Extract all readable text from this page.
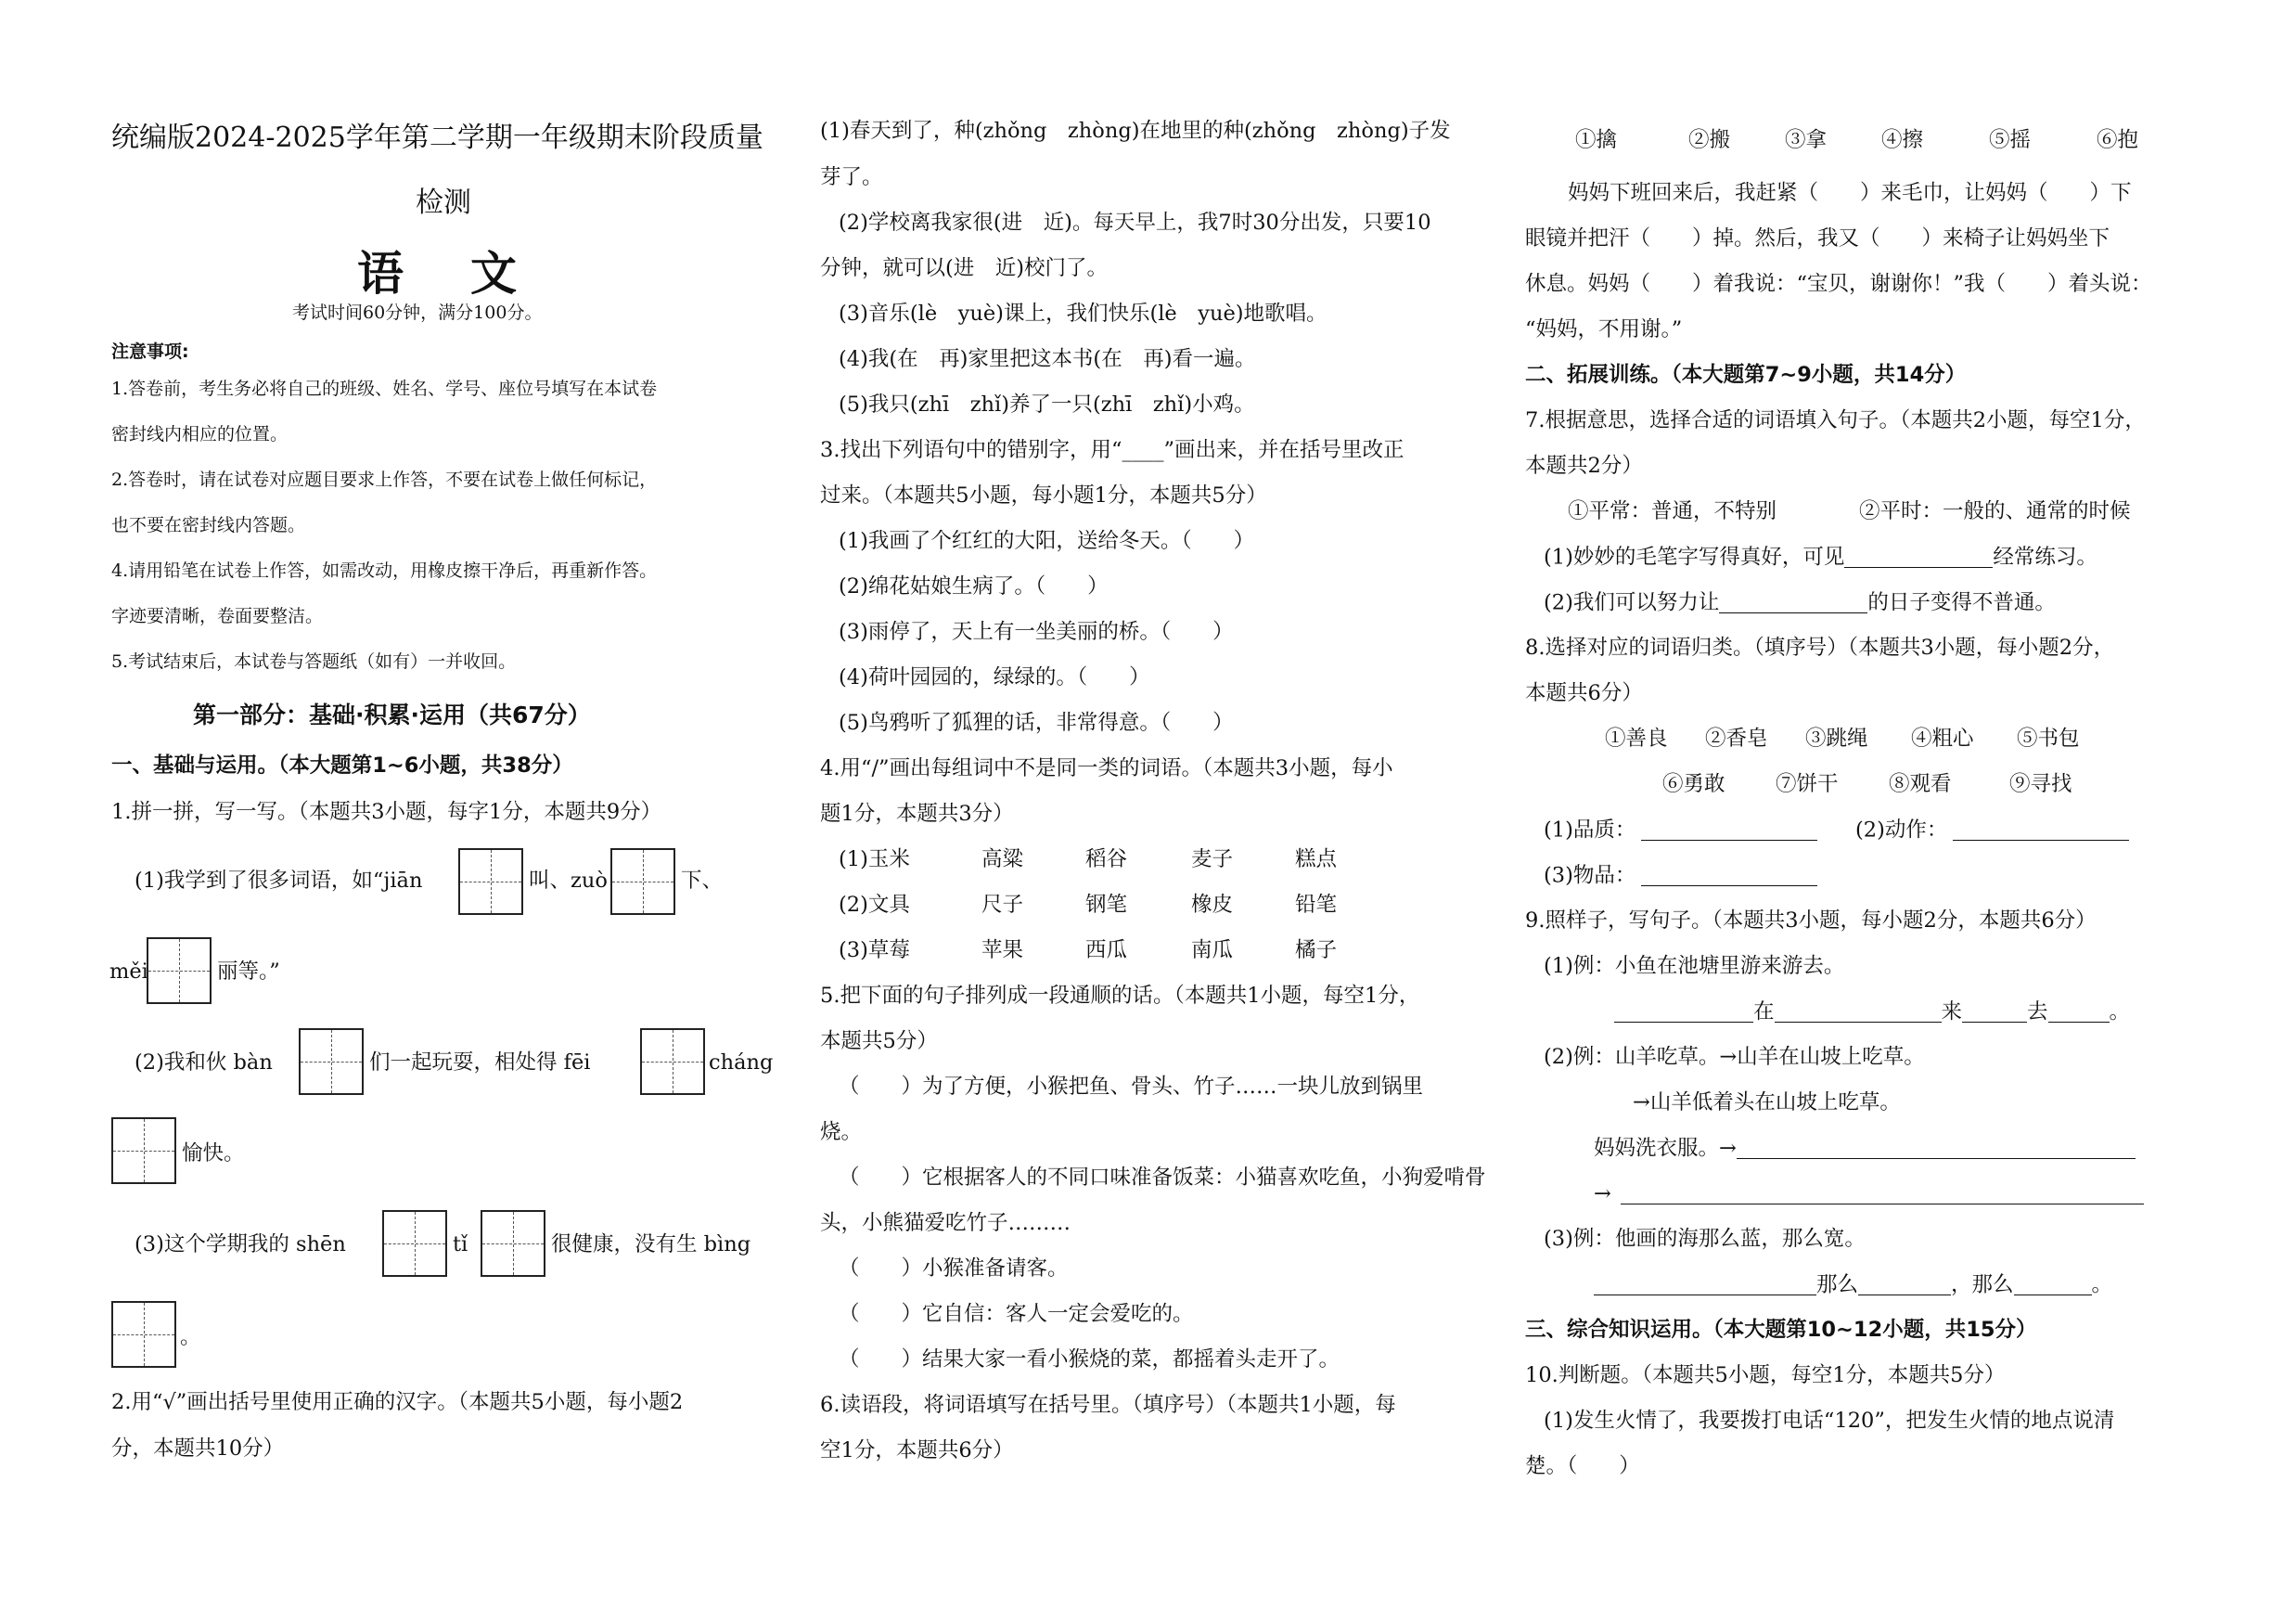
统编版2024-2025学年第二学期一年级期末阶段质量
检测
语文
考试时间60分钟，满分100分。
注意事项:
1.答卷前，考生务必将自己的班级、姓名、学号、座位号填写在本试卷
密封线内相应的位置。
2.答卷时，请在试卷对应题目要求上作答，不要在试卷上做任何标记，
也不要在密封线内答题。
4.请用铅笔在试卷上作答，如需改动，用橡皮擦干净后，再重新作答。
字迹要清晰，卷面要整洁。
5.考试结束后，本试卷与答题纸（如有）一并收回。
第一部分：基础·积累·运用（共67分）
一、基础与运用。（本大题第1~6小题，共38分）
1.拼一拼，写一写。（本题共3小题，每字1分，本题共9分）
(1)我学到了很多词语，如“jiān	叫、zuò	下、
měi	丽等。”
(2)我和伙 bàn	们一起玩耍，相处得 fēi	cháng
愉快。
(3)这个学期我的 shēn	tǐ	很健康，没有生 bìng
。
2.用“√”画出括号里使用正确的汉字。（本题共5小题，每小题2
分，本题共10分）
(1)春天到了，种(zhǒng　zhòng)在地里的种(zhǒng　zhòng)子发
芽了。
(2)学校离我家很(进　近)。每天早上，我7时30分出发，只要10
分钟，就可以(进　近)校门了。
(3)音乐(lè　yuè)课上，我们快乐(lè　yuè)地歌唱。
(4)我(在　再)家里把这本书(在　再)看一遍。
(5)我只(zhī　zhǐ)养了一只(zhī　zhǐ)小鸡。
3.找出下列语句中的错别字，用“____”画出来，并在括号里改正
过来。（本题共5小题，每小题1分，本题共5分）
(1)我画了个红红的大阳，送给冬天。（　　）
(2)绵花姑娘生病了。（　　）
(3)雨停了，天上有一坐美丽的桥。（　　）
(4)荷叶园园的，绿绿的。（　　）
(5)鸟鸦听了狐狸的话，非常得意。（　　）
4.用“/”画出每组词中不是同一类的词语。（本题共3小题，每小
题1分，本题共3分）
(1)玉米	高粱	稻谷	麦子	糕点
(2)文具	尺子	钢笔	橡皮	铅笔
(3)草莓	苹果	西瓜	南瓜	橘子
5.把下面的句子排列成一段通顺的话。（本题共1小题，每空1分，
本题共5分）
（　　）为了方便，小猴把鱼、骨头、竹子……一块儿放到锅里
烧。
（　　）它根据客人的不同口味准备饭菜：小猫喜欢吃鱼，小狗爱啃骨
头，小熊猫爱吃竹子………
（　　）小猴准备请客。
（　　）它自信：客人一定会爱吃的。
（　　）结果大家一看小猴烧的菜，都摇着头走开了。
6.读语段，将词语填写在括号里。（填序号）（本题共1小题，每
空1分，本题共6分）
①擒	②搬	③拿	④擦	⑤摇	⑥抱
妈妈下班回来后，我赶紧（　　）来毛巾，让妈妈（　　）下
眼镜并把汗（　　）掉。然后，我又（　　）来椅子让妈妈坐下
休息。妈妈（　　）着我说：“宝贝，谢谢你！”我（　　）着头说：
“妈妈，不用谢。”
二、拓展训练。（本大题第7~9小题，共14分）
7.根据意思，选择合适的词语填入句子。（本题共2小题，每空1分，
本题共2分）
①平常：普通，不特别	②平时：一般的、通常的时候
(1)妙妙的毛笔字写得真好，可见	经常练习。
(2)我们可以努力让	的日子变得不普通。
8.选择对应的词语归类。（填序号）（本题共3小题，每小题2分，
本题共6分）
①善良 ②香皂 ③跳绳 ④粗心 ⑤书包
⑥勇敢 ⑦饼干 ⑧观看	⑨寻找
(1)品质：	(2)动作：
(3)物品：
9.照样子，写句子。（本题共3小题，每小题2分，本题共6分）
(1)例：小鱼在池塘里游来游去。
在	来	去	。
(2)例：山羊吃草。→山羊在山坡上吃草。
→山羊低着头在山坡上吃草。
妈妈洗衣服。→
→
(3)例：他画的海那么蓝，那么宽。
那么	，那么	。
三、综合知识运用。（本大题第10~12小题，共15分）
10.判断题。（本题共5小题，每空1分，本题共5分）
(1)发生火情了，我要拨打电话“120”，把发生火情的地点说清
楚。（　　）
